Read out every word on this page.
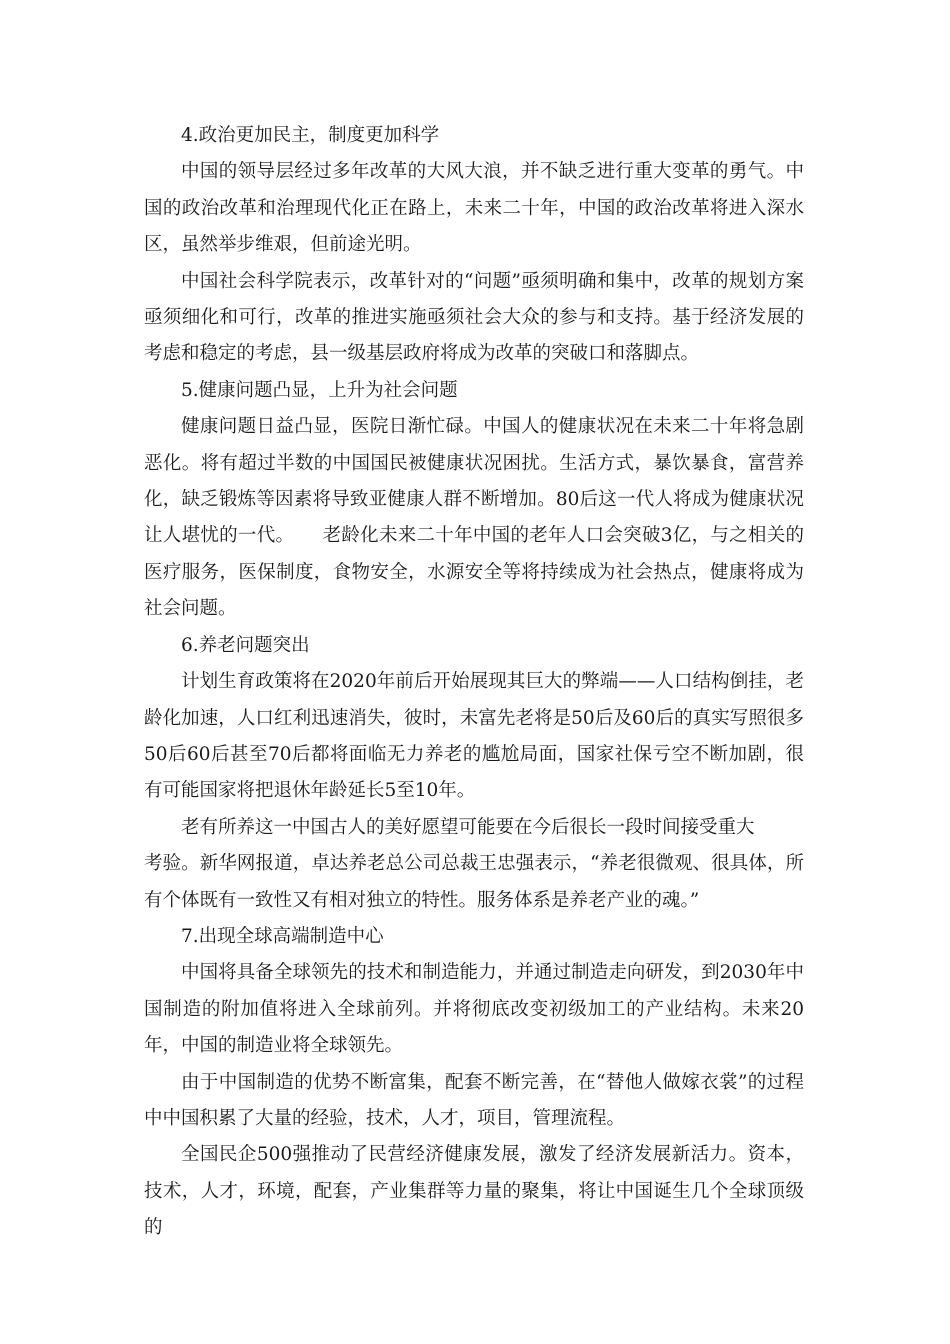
4.政治更加民主，制度更加科学

中国的领导层经过多年改革的大风大浪，并不缺乏进行重大变革的勇气。中国的政治改革和治理现代化正在路上，未来二十年，中国的政治改革将进入深水区，虽然举步维艰，但前途光明。

中国社会科学院表示，改革针对的“问题”亟须明确和集中，改革的规划方案亟须细化和可行，改革的推进实施亟须社会大众的参与和支持。基于经济发展的考虑和稳定的考虑，县一级基层政府将成为改革的突破口和落脚点。

5.健康问题凸显，上升为社会问题

健康问题日益凸显，医院日渐忙碌。中国人的健康状况在未来二十年将急剧恶化。将有超过半数的中国国民被健康状况困扰。生活方式，暴饮暴食，富营养化，缺乏锻炼等因素将导致亚健康人群不断增加。80后这一代人将成为健康状况让人堪忧的一代。　　老龄化未来二十年中国的老年人口会突破3亿，与之相关的医疗服务，医保制度，食物安全，水源安全等将持续成为社会热点，健康将成为社会问题。

6.养老问题突出

计划生育政策将在2020年前后开始展现其巨大的弊端——人口结构倒挂，老龄化加速，人口红利迅速消失，彼时，未富先老将是50后及60后的真实写照很多50后60后甚至70后都将面临无力养老的尴尬局面，国家社保亏空不断加剧，很有可能国家将把退休年龄延长5至10年。

老有所养这一中国古人的美好愿望可能要在今后很长一段时间接受重大

考验。新华网报道，卓达养老总公司总裁王忠强表示，“养老很微观、很具体，所有个体既有一致性又有相对独立的特性。服务体系是养老产业的魂。”

7.出现全球高端制造中心

中国将具备全球领先的技术和制造能力，并通过制造走向研发，到2030年中国制造的附加值将进入全球前列。并将彻底改变初级加工的产业结构。未来20年，中国的制造业将全球领先。

由于中国制造的优势不断富集，配套不断完善，在“替他人做嫁衣裳”的过程中中国积累了大量的经验，技术，人才，项目，管理流程。

全国民企500强推动了民营经济健康发展，激发了经济发展新活力。资本，技术，人才，环境，配套，产业集群等力量的聚集，将让中国诞生几个全球顶级的
